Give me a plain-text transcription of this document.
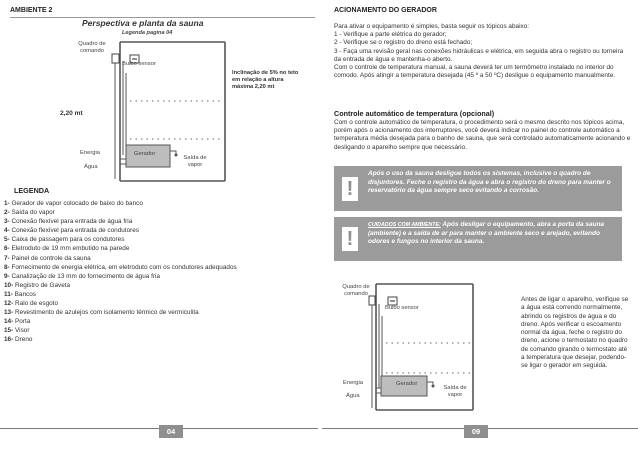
AMBIENTE 2
Perspectiva e planta da sauna
Legenda pagina 04
Quadro de comando
Bulbo sensor
Inclinação de 5% no teto em relação a altura máxima 2,20 mt
2,20 mt
Energia
Água
Gerador
Saída de vapor
LEGENDA
1- Gerador de vapor colocado de baixo do banco
2- Saída do vapor
3- Conexão flexível para entrada de água fria
4- Conexão flexível para entrada de condutores
5- Caixa de passagem para os condutores
6- Eletroduto de 19 mm embutido na parede
7- Painel de controle da sauna
8- Fornecimento de energia elétrica, em eletroduto com os condutores adequados
9- Canalização de 13 mm do fornecimento de água fria
10- Registro de Gaveta
11- Bancos
12- Ralo de esgoto
13- Revestimento de azulejos com isolamento térmico de vermiculita
14- Porta
15- Visor
16- Dreno
04
ACIONAMENTO DO GERADOR
Para ativar o equipamento é simples, basta seguir os tópicos abaixo:
1 - Verifique a parte elétrica do gerador;
2 - Verifique se o registro do dreno está fechado;
3 - Faça uma revisão geral nas conexões hidráulicas e elétrica, em seguida abra o registro ou torneira da entrada de água e mantenha-o aberto.
Com o controle de temperatura manual, a sauna deverá ter um termômetro instalado no interior do comodo. Após atingir a temperatura desejada (45 º a 50 ºC) desligue o equipamento manualmente.
Controle automático de temperatura (opcional)
Com o controle automático de temperatura, o procedimento será o mesmo descrito nos tópicos acima, porém após o acionamento dos interruptores, você deverá indicar no painel do controle automático a temperatura média desejada para o banho de sauna, que será controlado automaticamente acionando e desligando o aparelho sempre que necessário.
!
Após o uso da sauna desligue todos os sistemas, inclusive o quadro de disjuntores. Feche o registro da água e abra o registro do dreno para manter o reservatório da água sempre seco evitando a corrosão.
!
CUIDADOS COM AMBIENTE: Após desligar o equipamento, abra a porta da sauna (ambiente) e a saída de ar para manter o ambiente seco e arejado, evitando odores e fungos no interior da sauna.
Quadro de comando
Bulbo sensor
Energia
Água
Gerador
Saída de vapor
Antes de ligar o aparelho, verifique se a água está correndo normalmente, abrindo os registros de água e do dreno. Após verificar o escoamento normal da água, feche o registro do dreno, acione o termostato no quadro de comando girando o termostato até a temperatura que desejar, podendo-se ligar o gerador em seguida.
09
